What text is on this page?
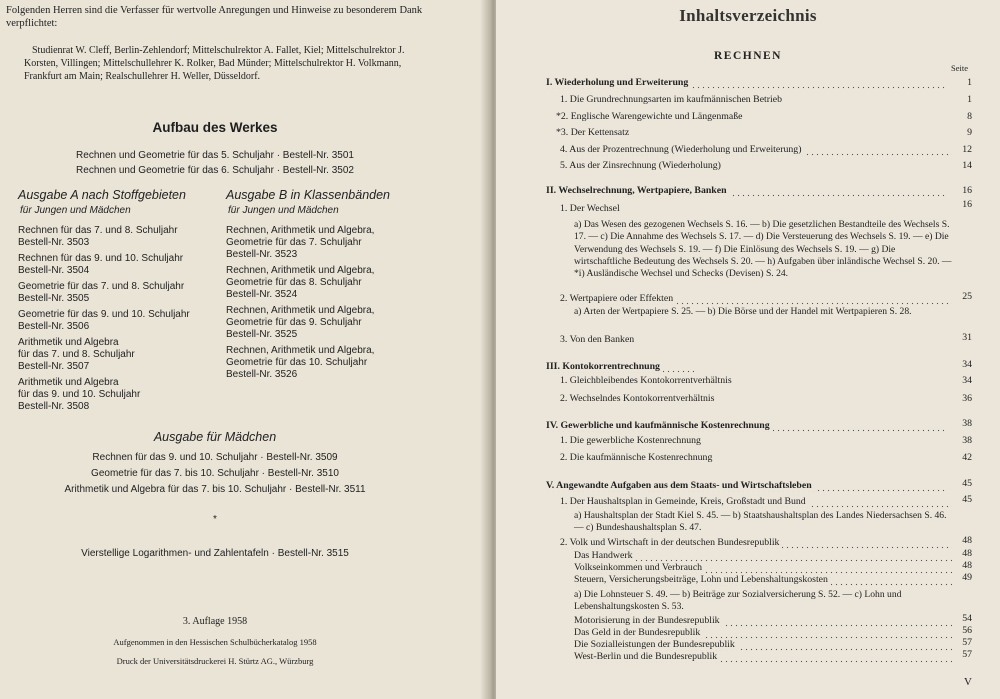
Folgenden Herren sind die Verfasser für wertvolle Anregungen und Hinweise zu besonderem Dank verpflichtet:
Studienrat W. Cleff, Berlin-Zehlendorf; Mittelschulrektor A. Fallet, Kiel; Mittelschulrektor J. Korsten, Villingen; Mittelschullehrer K. Rolker, Bad Münder; Mittelschulrektor H. Volkmann, Frankfurt am Main; Realschullehrer H. Weller, Düsseldorf.
Aufbau des Werkes
Rechnen und Geometrie für das 5. Schuljahr · Bestell-Nr. 3501
Rechnen und Geometrie für das 6. Schuljahr · Bestell-Nr. 3502
Ausgabe A nach Stoffgebieten
für Jungen und Mädchen
Rechnen für das 7. und 8. Schuljahr
Bestell-Nr. 3503
Rechnen für das 9. und 10. Schuljahr
Bestell-Nr. 3504
Geometrie für das 7. und 8. Schuljahr
Bestell-Nr. 3505
Geometrie für das 9. und 10. Schuljahr
Bestell-Nr. 3506
Arithmetik und Algebra
für das 7. und 8. Schuljahr
Bestell-Nr. 3507
Arithmetik und Algebra
für das 9. und 10. Schuljahr
Bestell-Nr. 3508
Ausgabe B in Klassenbänden
für Jungen und Mädchen
Rechnen, Arithmetik und Algebra,
Geometrie für das 7. Schuljahr
Bestell-Nr. 3523
Rechnen, Arithmetik und Algebra,
Geometrie für das 8. Schuljahr
Bestell-Nr. 3524
Rechnen, Arithmetik und Algebra,
Geometrie für das 9. Schuljahr
Bestell-Nr. 3525
Rechnen, Arithmetik und Algebra,
Geometrie für das 10. Schuljahr
Bestell-Nr. 3526
Ausgabe für Mädchen
Rechnen für das 9. und 10. Schuljahr · Bestell-Nr. 3509
Geometrie für das 7. bis 10. Schuljahr · Bestell-Nr. 3510
Arithmetik und Algebra für das 7. bis 10. Schuljahr · Bestell-Nr. 3511
*
Vierstellige Logarithmen- und Zahlentafeln · Bestell-Nr. 3515
3. Auflage 1958
Aufgenommen in den Hessischen Schulbücherkatalog 1958
Druck der Universitätsdruckerei H. Stürtz AG., Würzburg
Inhaltsverzeichnis
RECHNEN
Seite
I. Wiederholung und Erweiterung	1
1. Die Grundrechnungsarten im kaufmännischen Betrieb	1
*2. Englische Warengewichte und Längenmaße	8
*3. Der Kettensatz	9
4. Aus der Prozentrechnung (Wiederholung und Erweiterung)	12
5. Aus der Zinsrechnung (Wiederholung)	14
II. Wechselrechnung, Wertpapiere, Banken	16
1. Der Wechsel	16
a) Das Wesen des gezogenen Wechsels S. 16. — b) Die gesetzlichen Bestandteile des Wechsels S. 17. — c) Die Annahme des Wechsels S. 17. — d) Die Versteuerung des Wechsels S. 19. — e) Die Verwendung des Wechsels S. 19. — f) Die Einlösung des Wechsels S. 19. — g) Die wirtschaftliche Bedeutung des Wechsels S. 20. — h) Aufgaben über inländische Wechsel S. 20. — *i) Ausländische Wechsel und Schecks (Devisen) S. 24.
2. Wertpapiere oder Effekten	25
a) Arten der Wertpapiere S. 25. — b) Die Börse und der Handel mit Wertpapieren S. 28.
3. Von den Banken	31
III. Kontokorrentrechnung	34
1. Gleichbleibendes Kontokorrentverhältnis	34
2. Wechselndes Kontokorrentverhältnis	36
IV. Gewerbliche und kaufmännische Kostenrechnung	38
1. Die gewerbliche Kostenrechnung	38
2. Die kaufmännische Kostenrechnung	42
V. Angewandte Aufgaben aus dem Staats- und Wirtschaftsleben	45
1. Der Haushaltsplan in Gemeinde, Kreis, Großstadt und Bund	45
a) Haushaltsplan der Stadt Kiel S. 45. — b) Staatshaushaltsplan des Landes Niedersachsen S. 46. — c) Bundeshaushaltsplan S. 47.
2. Volk und Wirtschaft in der deutschen Bundesrepublik	48
Das Handwerk	48
Volkseinkommen und Verbrauch	48
Steuern, Versicherungsbeiträge, Lohn und Lebenshaltungskosten	49
a) Die Lohnsteuer S. 49. — b) Beiträge zur Sozialversicherung S. 52. — c) Lohn und Lebenshaltungskosten S. 53.
Motorisierung in der Bundesrepublik	54
Das Geld in der Bundesrepublik	56
Die Sozialleistungen der Bundesrepublik	57
West-Berlin und die Bundesrepublik	57
V
